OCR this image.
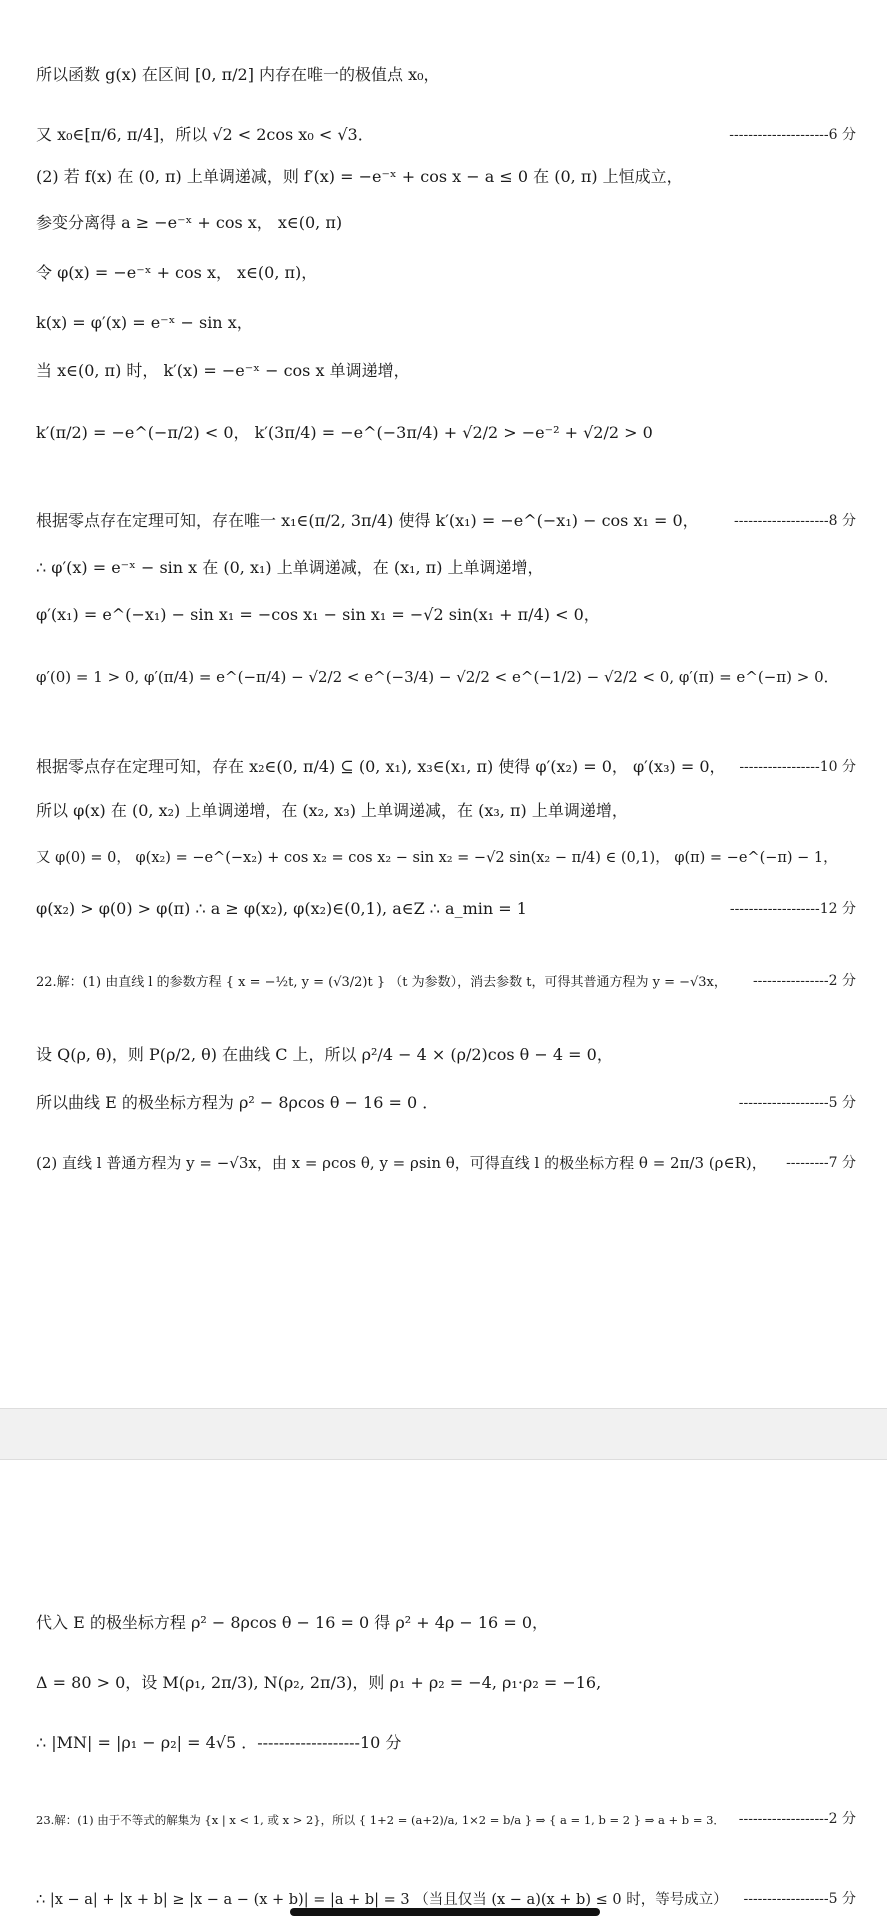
所以函数 g(x) 在区间 [0, π/2] 内存在唯一的极值点 x₀，
又 x₀∈[π/6, π/4]，所以 √2 < 2cos x₀ < √3．	---------------------6 分
(2) 若 f(x) 在 (0, π) 上单调递减，则 f′(x) = −e⁻ˣ + cos x − a ≤ 0 在 (0, π) 上恒成立，
参变分离得 a ≥ −e⁻ˣ + cos x， x∈(0, π)
令 φ(x) = −e⁻ˣ + cos x， x∈(0, π)，
k(x) = φ′(x) = e⁻ˣ − sin x，
当 x∈(0, π) 时， k′(x) = −e⁻ˣ − cos x 单调递增，
k′(π/2) = −e^(−π/2) < 0， k′(3π/4) = −e^(−3π/4) + √2/2 > −e⁻² + √2/2 > 0
根据零点存在定理可知，存在唯一 x₁∈(π/2, 3π/4) 使得 k′(x₁) = −e^(−x₁) − cos x₁ = 0，	--------------------8 分
∴ φ′(x) = e⁻ˣ − sin x 在 (0, x₁) 上单调递减，在 (x₁, π) 上单调递增，
φ′(x₁) = e^(−x₁) − sin x₁ = −cos x₁ − sin x₁ = −√2 sin(x₁ + π/4) < 0，
φ′(0) = 1 > 0, φ′(π/4) = e^(−π/4) − √2/2 < e^(−3/4) − √2/2 < e^(−1/2) − √2/2 < 0, φ′(π) = e^(−π) > 0．
根据零点存在定理可知，存在 x₂∈(0, π/4) ⊆ (0, x₁), x₃∈(x₁, π) 使得 φ′(x₂) = 0， φ′(x₃) = 0， -----------------10 分
所以 φ(x) 在 (0, x₂) 上单调递增，在 (x₂, x₃) 上单调递减，在 (x₃, π) 上单调递增，
又 φ(0) = 0， φ(x₂) = −e^(−x₂) + cos x₂ = cos x₂ − sin x₂ = −√2 sin(x₂ − π/4) ∈ (0,1)， φ(π) = −e^(−π) − 1，
φ(x₂) > φ(0) > φ(π) ∴ a ≥ φ(x₂), φ(x₂)∈(0,1), a∈Z ∴ a_min = 1	-------------------12 分
22.解：(1) 由直线 l 的参数方程 { x = −½t, y = (√3/2)t } （t 为参数），消去参数 t，可得其普通方程为 y = −√3x， ----------------2 分
设 Q(ρ, θ)，则 P(ρ/2, θ) 在曲线 C 上，所以 ρ²/4 − 4 × (ρ/2)cos θ − 4 = 0，
所以曲线 E 的极坐标方程为 ρ² − 8ρcos θ − 16 = 0 ．	-------------------5 分
(2) 直线 l 普通方程为 y = −√3x，由 x = ρcos θ, y = ρsin θ，可得直线 l 的极坐标方程 θ = 2π/3 (ρ∈R)， ---------7 分
代入 E 的极坐标方程 ρ² − 8ρcos θ − 16 = 0 得 ρ² + 4ρ − 16 = 0，
Δ = 80 > 0，设 M(ρ₁, 2π/3), N(ρ₂, 2π/3)，则 ρ₁ + ρ₂ = −4, ρ₁·ρ₂ = −16,
∴ |MN| = |ρ₁ − ρ₂| = 4√5 ．-------------------10 分
23.解：(1) 由于不等式的解集为 {x | x < 1, 或 x > 2}，所以 { 1+2 = (a+2)/a, 1×2 = b/a } ⇒ { a = 1, b = 2 } ⇒ a + b = 3． -------------------2 分
∴ |x − a| + |x + b| ≥ |x − a − (x + b)| = |a + b| = 3 （当且仅当 (x − a)(x + b) ≤ 0 时，等号成立） ------------------5 分
